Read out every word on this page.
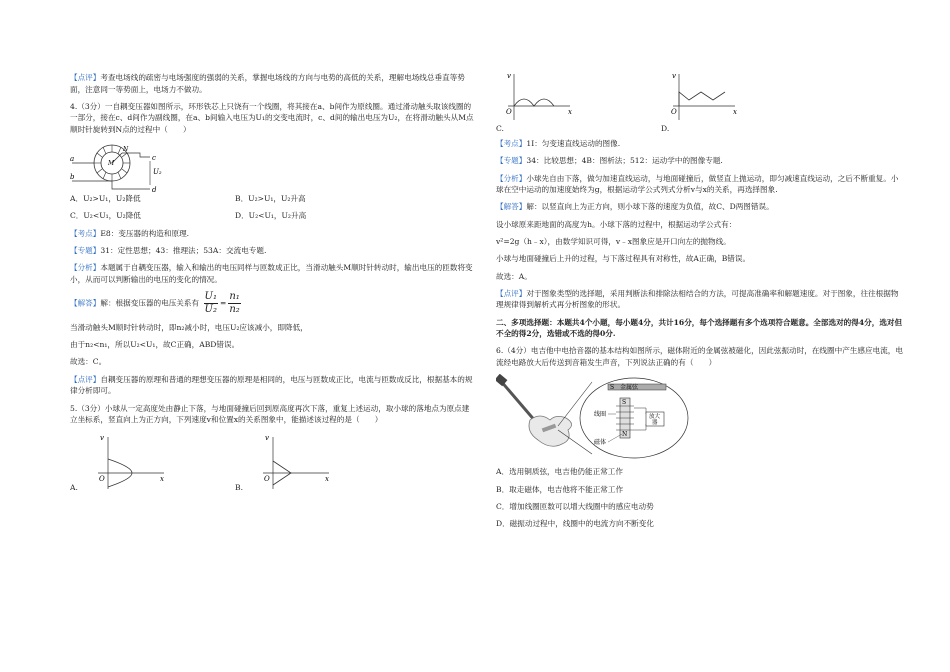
【点评】考查电场线的疏密与电场强度的强弱的关系，掌握电场线的方向与电势的高低的关系，理解电场线总垂直等势面，注意同一等势面上，电场力不做功。

4.（3分）一自耦变压器如图所示，环形铁芯上只饶有一个线圈，将其接在a、b间作为原线圈。通过滑动触头取该线圈的一部分，接在c、d间作为副线圈，在a、b间输入电压为U₁的交变电流时，c、d间的输出电压为U₂，在将滑动触头从M点顺时针旋转到N点的过程中（　　）

a
b
c
d
M
N
U₂
A．U₂>U₁，U₂降低	B．U₂>U₁，U₂升高
C．U₂<U₁，U₂降低	D．U₂<U₁，U₂升高

【考点】E8：变压器的构造和原理.

【专题】31：定性思想；43：推理法；53A：交流电专题.

【分析】本题属于自耦变压器，输入和输出的电压同样与匝数成正比，当滑动触头M顺时针转动时，输出电压的匝数将变小，从而可以判断输出的电压的变化的情况。

【解答】解：根据变压器的电压关系有 $\frac{\text{U₁}}{\text{U₂}} = \frac{\text{n₁}}{\text{n₂}}$

当滑动触头M顺时针转动时，即n₂减小时，电压U₂应该减小，即降低，

由于n₂<n₁，所以U₂<U₁，故C正确，ABD错误。

故选：C。

【点评】自耦变压器的原理和普通的理想变压器的原理是相同的，电压与匝数成正比，电流与匝数成反比，根据基本的规律分析即可。

5.（3分）小球从一定高度处由静止下落，与地面碰撞后回到原高度再次下落，重复上述运动，取小球的落地点为原点建立坐标系，竖直向上为正方向，下列速度v和位置x的关系图象中，能描述该过程的是（　　）

v
x
O
A.
v
x
O
B.
v
x
O
C.
v
x
O
D.

【考点】1I：匀变速直线运动的图像.

【专题】34：比较思想；4B：图析法；512：运动学中的图像专题.

【分析】小球先自由下落，做匀加速直线运动，与地面碰撞后，做竖直上抛运动，即匀减速直线运动，之后不断重复。小球在空中运动的加速度始终为g，根据运动学公式列式分析v与x的关系，再选择图象.

【解答】解：以竖直向上为正方向，则小球下落的速度为负值，故C、D两图错误。

设小球原来距地面的高度为h。小球下落的过程中，根据运动学公式有：

v²=2g（h﹣x），由数学知识可得，v﹣x图象应是开口向左的抛物线。

小球与地面碰撞后上升的过程，与下落过程具有对称性，故A正确，B错误。

故选：A。

【点评】对于图象类型的选择题，采用判断法和排除法相结合的方法，可提高准确率和解题速度。对于图象，往往根据物理规律得到解析式再分析图象的形状。

二、多项选择题：本题共4个小题，每小题4分，共计16分，每个选择题有多个选项符合题意。全部选对的得4分，选对但不全的得2分，选错或不选的得0分.

6.（4分）电吉他中电拾音器的基本结构如图所示，磁体附近的金属弦被磁化，因此弦振动时，在线圈中产生感应电流，电流经电路放大后传送到音箱发生声音，下列说法正确的有（　　）

S 金属弦
S
N
放大
器
线圈
磁体

A．选用铜质弦，电吉他仍能正常工作

B．取走磁体，电吉他将不能正常工作

C．增加线圈匝数可以增大线圈中的感应电动势

D．磁振动过程中，线圈中的电流方向不断变化
